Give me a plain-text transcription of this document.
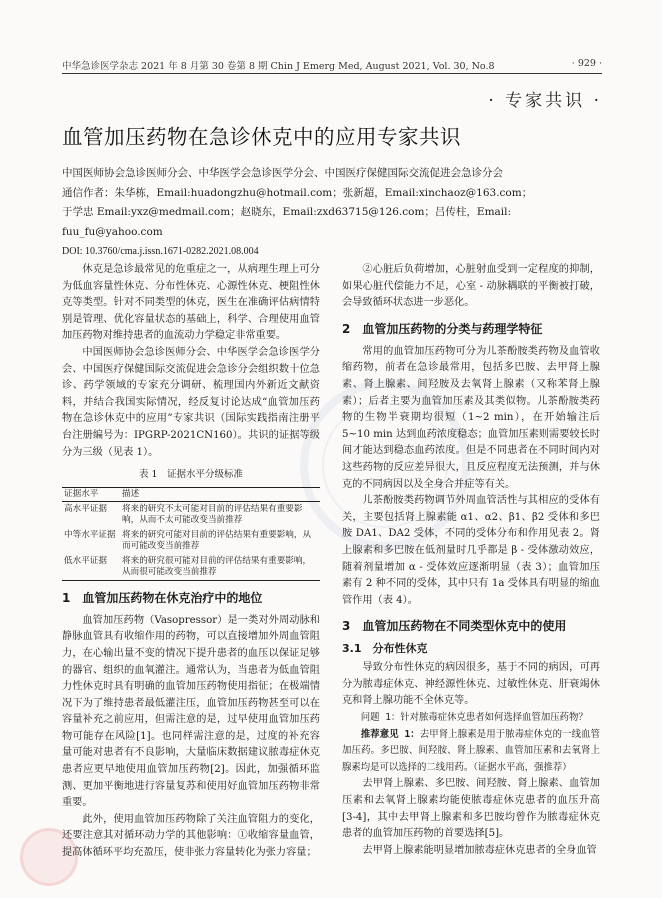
中华急诊医学杂志 2021 年 8 月第 30 卷第 8 期 Chin J Emerg Med, August 2021, Vol. 30, No.8	· 929 ·
· 专家共识 ·
血管加压药物在急诊休克中的应用专家共识
中国医师协会急诊医师分会、中华医学会急诊医学分会、中国医疗保健国际交流促进会急诊分会
通信作者：朱华栋，Email:huadongzhu@hotmail.com；张新超，Email:xinchaoz@163.com；
于学忠 Email:yxz@medmail.com；赵晓东，Email:zxd63715@126.com；吕传柱，Email:
fuu_fu@yahoo.com
DOI: 10.3760/cma.j.issn.1671-0282.2021.08.004

休克是急诊最常见的危重症之一，从病理生理上可分为低血容量性休克、分布性休克、心源性休克、梗阻性休克等类型。针对不同类型的休克，医生在准确评估病情特别是管理、优化容量状态的基础上，科学、合理使用血管加压药物对维持患者的血流动力学稳定非常重要。

中国医师协会急诊医师分会、中华医学会急诊医学分会、中国医疗保健国际交流促进会急诊分会组织数十位急诊、药学领域的专家充分调研、梳理国内外新近文献资料，并结合我国实际情况，经反复讨论达成“血管加压药物在急诊休克中的应用”专家共识（国际实践指南注册平台注册编号为：IPGRP-2021CN160）。共识的证据等级分为三级（见表 1）。

表 1　证据水平分级标准
证据水平	描述
高水平证据	将来的研究不太可能对目前的评估结果有重要影响，从而不太可能改变当前推荐
中等水平证据	将来的研究可能对目前的评估结果有重要影响，从而可能改变当前推荐
低水平证据	将来的研究很可能对目前的评估结果有重要影响，从而很可能改变当前推荐
1　血管加压药物在休克治疗中的地位

血管加压药物（Vasopressor）是一类对外周动脉和静脉血管具有收缩作用的药物，可以直接增加外周血管阻力，在心输出量不变的情况下提升患者的血压以保证足够的器官、组织的血氧灌注。通常认为，当患者为低血管阻力性休克时具有明确的血管加压药物使用指征；在极端情况下为了维持患者最低灌注压，血管加压药物甚至可以在容量补充之前应用，但需注意的是，过早使用血管加压药物可能存在风险[1]。也同样需注意的是，过度的补充容量可能对患者有不良影响，大量临床数据建议脓毒症休克患者应更早地使用血管加压药物[2]。因此，加强循环监测、更加平衡地进行容量复苏和使用好血管加压药物非常重要。

此外，使用血管加压药物除了关注血管阻力的变化，还要注意其对循环动力学的其他影响：①收缩容量血管，提高体循环平均充盈压，使非张力容量转化为张力容量；

②心脏后负荷增加，心脏射血受到一定程度的抑制，如果心脏代偿能力不足，心室 - 动脉耦联的平衡被打破，会导致循环状态进一步恶化。

2　血管加压药物的分类与药理学特征

常用的血管加压药物可分为儿茶酚胺类药物及血管收缩药物，前者在急诊最常用，包括多巴胺、去甲肾上腺素、肾上腺素、间羟胺及去氧肾上腺素（又称苯肾上腺素）；后者主要为血管加压素及其类似物。儿茶酚胺类药物的生物半衰期均很短（1~2 min），在开始输注后 5~10 min 达到血药浓度稳态；血管加压素则需要较长时间才能达到稳态血药浓度。但是不同患者在不同时间内对这些药物的反应差异很大，且反应程度无法预测，并与休克的不同病因以及全身合并症等有关。

儿茶酚胺类药物调节外周血管活性与其相应的受体有关，主要包括肾上腺素能 α1、α2、β1、β2 受体和多巴胺 DA1、DA2 受体，不同的受体分布和作用见表 2。肾上腺素和多巴胺在低剂量时几乎都是 β - 受体激动效应，随着剂量增加 α - 受体效应逐渐明显（表 3）；血管加压素有 2 种不同的受体，其中只有 1a 受体具有明显的缩血管作用（表 4）。

3　血管加压药物在不同类型休克中的使用
3.1　分布性休克

导致分布性休克的病因很多，基于不同的病因，可再分为脓毒症休克、神经源性休克、过敏性休克、肝衰竭休克和肾上腺功能不全休克等。

问题 1：针对脓毒症休克患者如何选择血管加压药物？

推荐意见 1：去甲肾上腺素是用于脓毒症休克的一线血管加压药。多巴胺、间羟胺、肾上腺素、血管加压素和去氧肾上腺素均是可以选择的二线用药。（证据水平高，强推荐）

去甲肾上腺素、多巴胺、间羟胺、肾上腺素、血管加压素和去氧肾上腺素均能使脓毒症休克患者的血压升高[3-4]，其中去甲肾上腺素和多巴胺均曾作为脓毒症休克患者的血管加压药物的首要选择[5]。

去甲肾上腺素能明显增加脓毒症休克患者的全身血管
